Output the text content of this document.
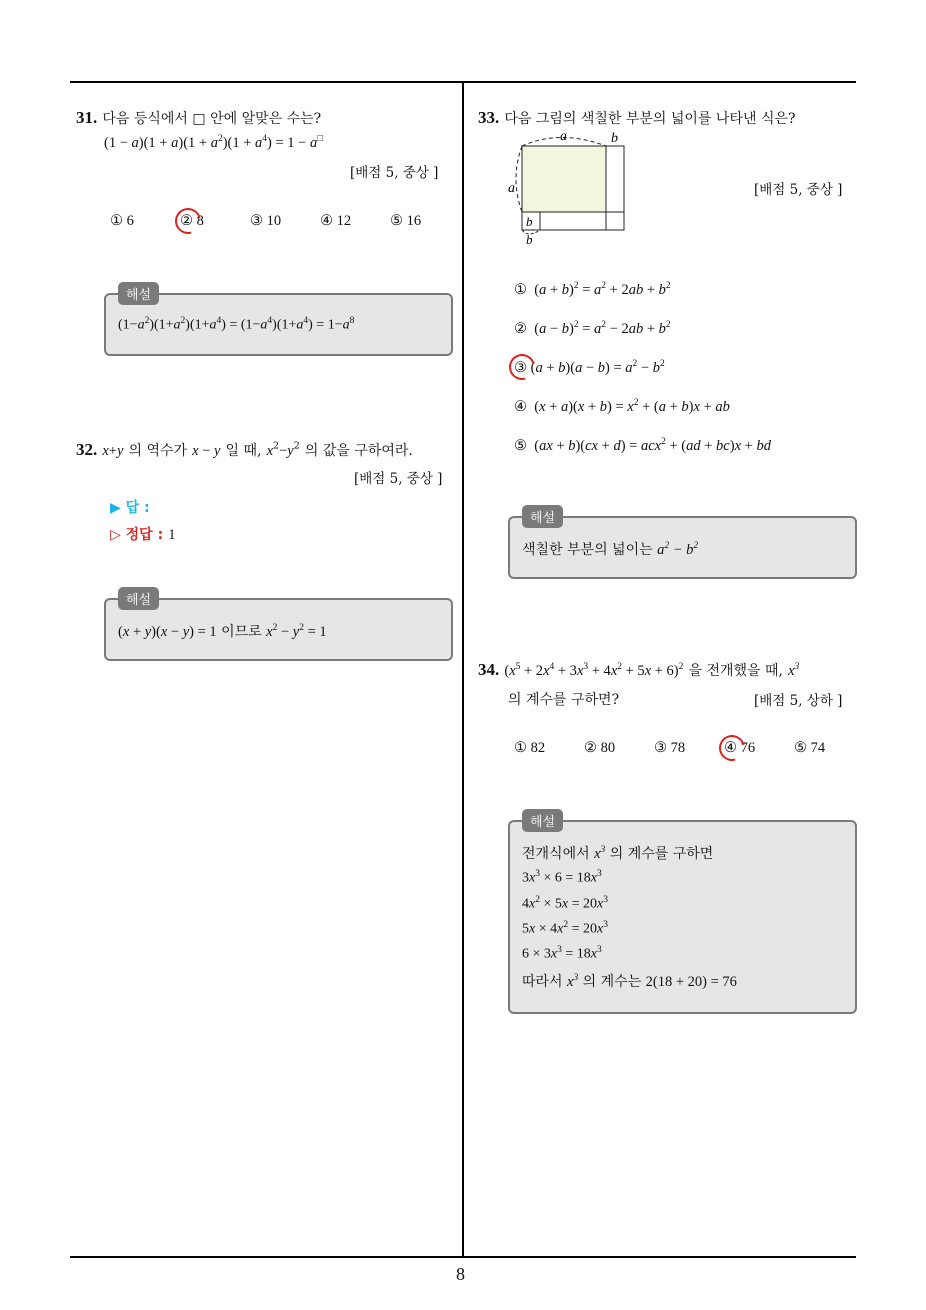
8
31. 다음 등식에서 □ 안에 알맞은 수는?
$(1 - a)(1 + a)(1 + a^2)(1 + a^4) = 1 - a^□$
[배점 5, 중상 ]
① 6	② 8	③ 10	④ 12	⑤ 16
해설
$(1-a^2)(1+a^2)(1+a^4) = (1-a^4)(1+a^4) = 1-a^8$
32. x+y 의 역수가 x − y 일 때, $x^2-y^2$ 의 값을 구하여라.
[배점 5, 중상 ]
▶ 답 :
▷ 정답 : 1
해설
(x + y)(x − y) = 1 이므로 $x^2 - y^2 = 1$
33. 다음 그림의 색칠한 부분의 넓이를 나타낸 식은?
a	b
a
b
b
[배점 5, 중상 ]
①  $(a + b)^2 = a^2 + 2ab + b^2$
②  $(a - b)^2 = a^2 - 2ab + b^2$
③ $(a + b)(a - b) = a^2 - b^2$
④  $(x + a)(x + b) = x^2 + (a + b)x$ + ab
⑤  (ax + b)(cx + d) = acx$^2$ + (ad + bc)x + bd
해설
색칠한 부분의 넓이는 $a^2 - b^2$
34. $(x^5 + 2x^4 + 3x^3 + 4x^2 + 5x + 6)^2$ 을 전개했을 때, $x^3$
의 계수를 구하면?	[배점 5, 상하 ]
① 82	② 80	③ 78	④ 76	⑤ 74
해설
전개식에서 $x^3$ 의 계수를 구하면
$3x^3 \times 6 = 18x^3$
$4x^2 \times 5x = 20x^3$
$5x \times 4x^2 = 20x^3$
$6 \times 3x^3 = 18x^3$
따라서 $x^3$ 의 계수는 2(18 + 20) = 76
